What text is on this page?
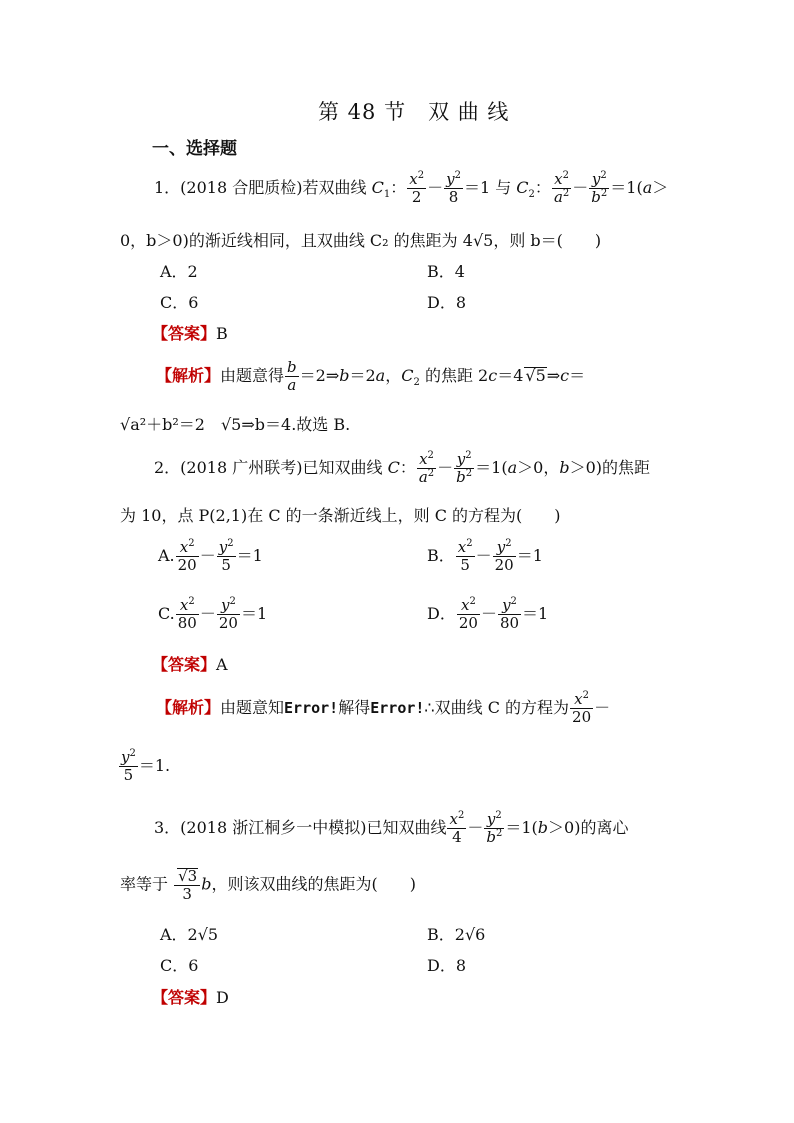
第 48 节　双 曲 线
一、选择题
1．(2018 合肥质检)若双曲线 $C_1$： $\frac{x^2}{2} - \frac{y^2}{8} =1$ 与 $C_2$： $\frac{x^2}{a^2} - \frac{y^2}{b^2} =1(a>$
0，b＞0)的渐近线相同，且双曲线 C₂ 的焦距为 4√5，则 b＝(　　)
A．2	B．4
C．6	D．8
【答案】B
【解析】由题意得 $\frac{b}{a}$ ＝2⇒b＝2a，$C_2$ 的焦距 2c＝4 √5⇒c＝
√a²＋b²＝2　√5⇒b＝4.故选 B.
2．(2018 广州联考)已知双曲线 C： $\frac{x^2}{a^2} - \frac{y^2}{b^2} =1(a>0$，b＞0)的焦距
为 10，点 P(2,1)在 C 的一条渐近线上，则 C 的方程为(　　)
A. $\frac{x^2}{20} - \frac{y^2}{5} =1$	B． $\frac{x^2}{5} - \frac{y^2}{20} =1$
C. $\frac{x^2}{80} - \frac{y^2}{20} =1$	D． $\frac{x^2}{20} - \frac{y^2}{80} =1$
【答案】A
【解析】由题意知Error!解得Error!∴双曲线 C 的方程为 $\frac{x^2}{20}$ －
$\frac{y^2}{5} =1$.
3．(2018 浙江桐乡一中模拟)已知双曲线 $\frac{x^2}{4} - \frac{y^2}{b^2} =1(b>0)$的离心
率等于 $\frac{√3}{3}$ b，则该双曲线的焦距为(　　)
A．2√5	B．2√6
C．6	D．8
【答案】D
